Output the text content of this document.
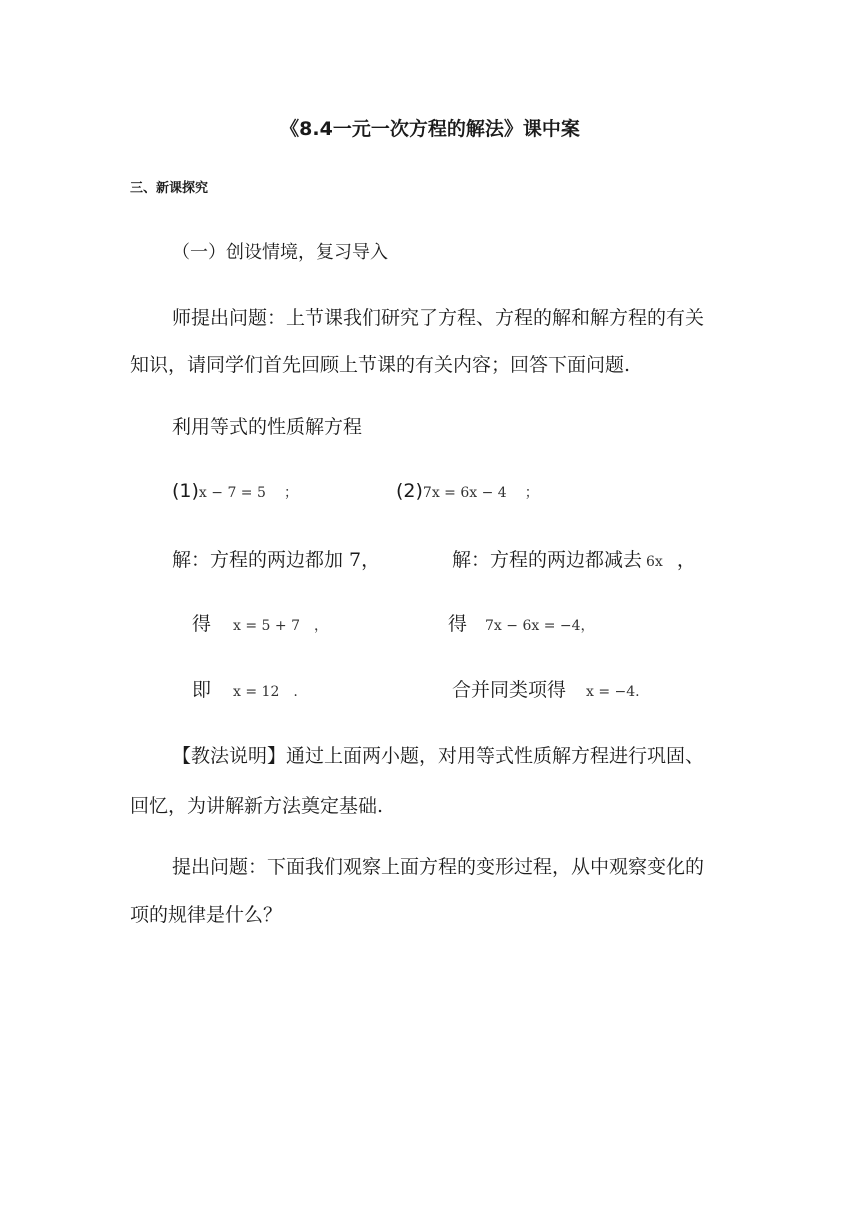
《8.4一元一次方程的解法》课中案
三、新课探究
（一）创设情境，复习导入
师提出问题：上节课我们研究了方程、方程的解和解方程的有关
知识，请同学们首先回顾上节课的有关内容；回答下面问题.
利用等式的性质解方程
(1)x − 7 = 5 ；	(2)7x = 6x − 4 ；
解：方程的两边都加 7，	解：方程的两边都减去 6x ，
得 x = 5 + 7 ，	得 7x − 6x = −4，
即 x = 12 .	合并同类项得 x = −4.
【教法说明】通过上面两小题，对用等式性质解方程进行巩固、
回忆，为讲解新方法奠定基础.
提出问题：下面我们观察上面方程的变形过程，从中观察变化的
项的规律是什么？
